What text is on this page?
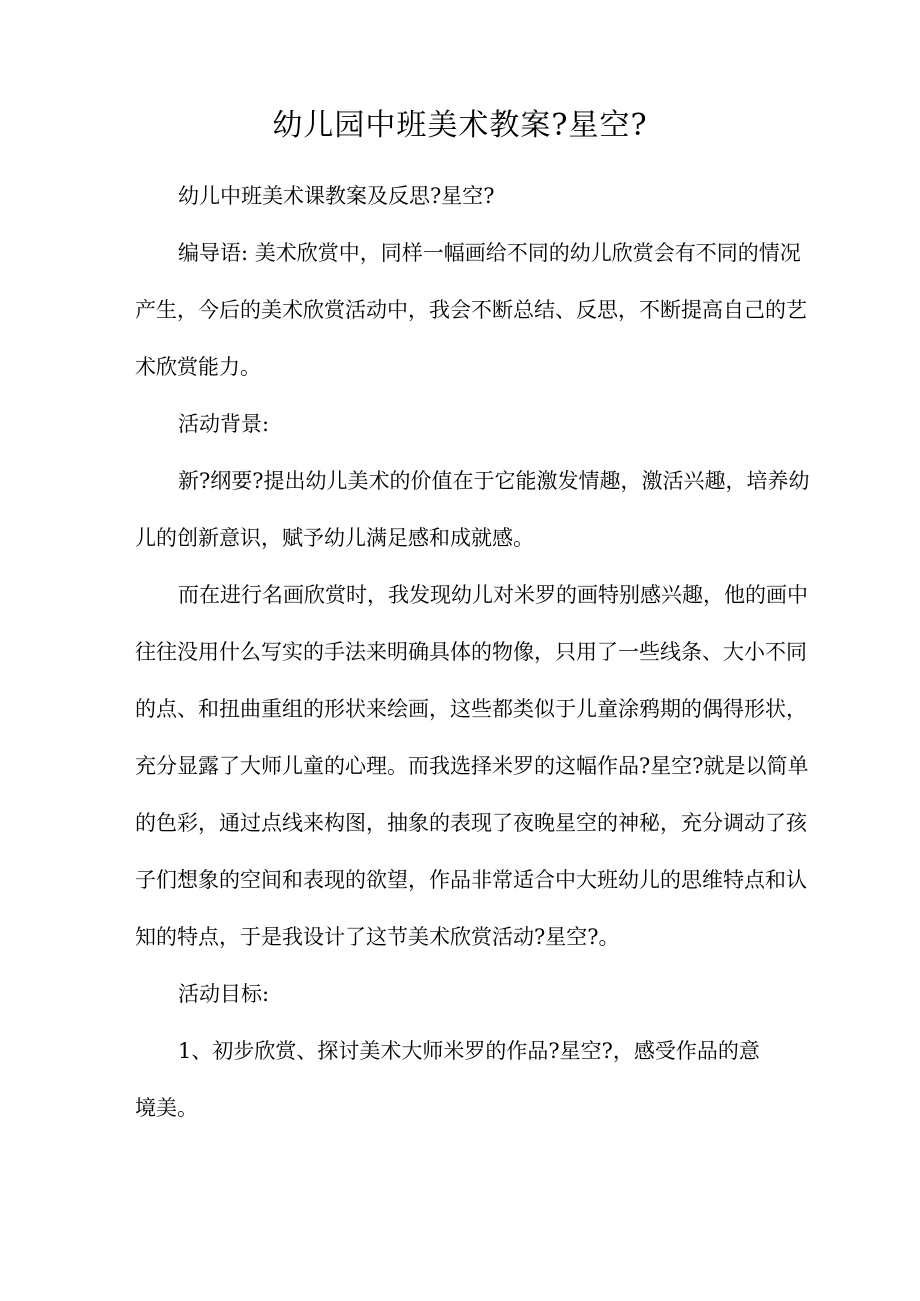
幼儿园中班美术教案?星空?
幼儿中班美术课教案及反思?星空?
编导语: 美术欣赏中，同样一幅画给不同的幼儿欣赏会有不同的情况
产生，今后的美术欣赏活动中，我会不断总结、反思，不断提高自己的艺
术欣赏能力。
活动背景:
新?纲要?提出幼儿美术的价值在于它能激发情趣，激活兴趣，培养幼
儿的创新意识，赋予幼儿满足感和成就感。
而在进行名画欣赏时，我发现幼儿对米罗的画特别感兴趣，他的画中
往往没用什么写实的手法来明确具体的物像，只用了一些线条、大小不同
的点、和扭曲重组的形状来绘画，这些都类似于儿童涂鸦期的偶得形状，
充分显露了大师儿童的心理。而我选择米罗的这幅作品?星空?就是以简单
的色彩，通过点线来构图，抽象的表现了夜晚星空的神秘，充分调动了孩
子们想象的空间和表现的欲望，作品非常适合中大班幼儿的思维特点和认
知的特点，于是我设计了这节美术欣赏活动?星空?。
活动目标:
1、初步欣赏、探讨美术大师米罗的作品?星空?，感受作品的意
境美。
